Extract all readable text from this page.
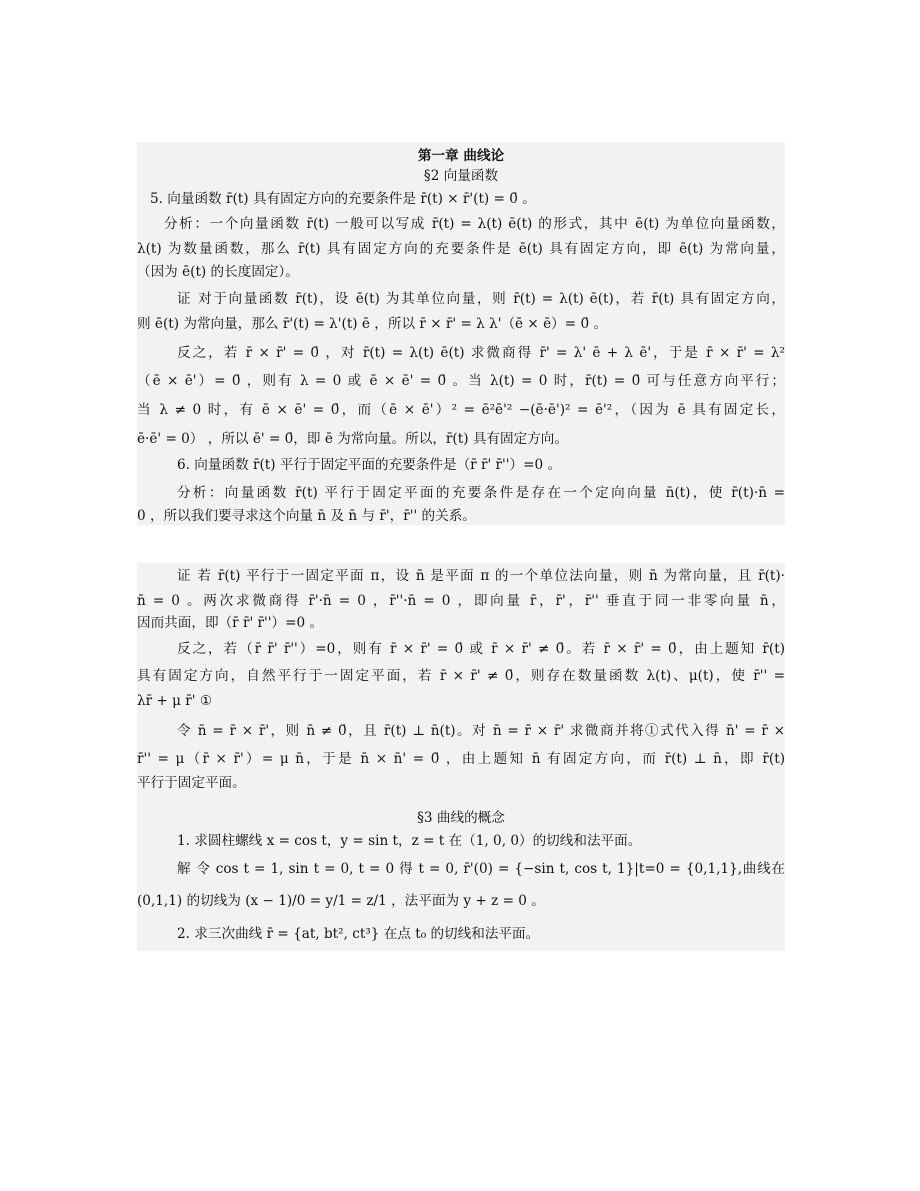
第一章 曲线论
§2 向量函数
5. 向量函数 r̄(t) 具有固定方向的充要条件是 r̄(t) × r̄'(t) = 0̄ 。
分析：一个向量函数 r̄(t) 一般可以写成 r̄(t) = λ(t) ē(t) 的形式，其中 ē(t) 为单位向量函数，
λ(t) 为数量函数，那么 r̄(t) 具有固定方向的充要条件是 ē(t) 具有固定方向，即 ē(t) 为常向量，
（因为 ē(t) 的长度固定）。
证 对于向量函数 r̄(t)，设 ē(t) 为其单位向量，则 r̄(t) = λ(t) ē(t)，若 r̄(t) 具有固定方向，
则 ē(t) 为常向量，那么 r̄'(t) = λ'(t) ē ，所以 r̄ × r̄' = λ λ'（ē × ē）= 0̄ 。
反之，若 r̄ × r̄' = 0̄ ，对 r̄(t) = λ(t) ē(t) 求微商得 r̄' = λ' ē + λ ē'，于是 r̄ × r̄' = λ²
（ē × ē'）= 0̄ ，则有 λ = 0 或 ē × ē' = 0̄ 。当 λ(t) = 0 时，r̄(t) = 0̄ 可与任意方向平行；
当 λ ≠ 0 时，有 ē × ē' = 0̄，而（ē × ē'）² = ē²ē'² −(ē·ē')² = ē'²，（因为 ē 具有固定长，
ē·ē' = 0） ，所以 ē' = 0̄，即 ē 为常向量。所以，r̄(t) 具有固定方向。
6. 向量函数 r̄(t) 平行于固定平面的充要条件是（r̄ r̄' r̄''）=0 。
分析：向量函数 r̄(t) 平行于固定平面的充要条件是存在一个定向向量 n̄(t)，使 r̄(t)·n̄ =
0 ，所以我们要寻求这个向量 n̄ 及 n̄ 与 r̄'，r̄'' 的关系。
证 若 r̄(t) 平行于一固定平面 π，设 n̄ 是平面 π 的一个单位法向量，则 n̄ 为常向量，且 r̄(t)·
n̄ = 0 。两次求微商得 r̄'·n̄ = 0 ，r̄''·n̄ = 0 ，即向量 r̄，r̄'，r̄'' 垂直于同一非零向量 n̄，
因而共面，即（r̄ r̄' r̄''）=0 。
反之，若（r̄ r̄' r̄''）=0，则有 r̄ × r̄' = 0̄ 或 r̄ × r̄' ≠ 0̄。若 r̄ × r̄' = 0̄，由上题知 r̄(t)
具有固定方向，自然平行于一固定平面，若 r̄ × r̄' ≠ 0̄，则存在数量函数 λ(t)、μ(t)，使 r̄'' =
λr̄ + μ r̄' ①
令 n̄ = r̄ × r̄'，则 n̄ ≠ 0̄，且 r̄(t) ⊥ n̄(t)。对 n̄ = r̄ × r̄' 求微商并将①式代入得 n̄' = r̄ ×
r̄'' = μ（r̄ × r̄'）= μ n̄，于是 n̄ × n̄' = 0̄ ，由上题知 n̄ 有固定方向，而 r̄(t) ⊥ n̄，即 r̄(t)
平行于固定平面。
§3 曲线的概念
1. 求圆柱螺线 x = cos t，y = sin t，z = t 在（1, 0, 0）的切线和法平面。
解 令 cos t = 1, sin t = 0, t = 0 得 t = 0, r̄'(0) = {−sin t, cos t, 1}|t=0 = {0,1,1},曲线在
(0,1,1) 的切线为 (x − 1)/0 = y/1 = z/1 ，法平面为 y + z = 0 。
2. 求三次曲线 r̄ = {at, bt², ct³} 在点 t₀ 的切线和法平面。
